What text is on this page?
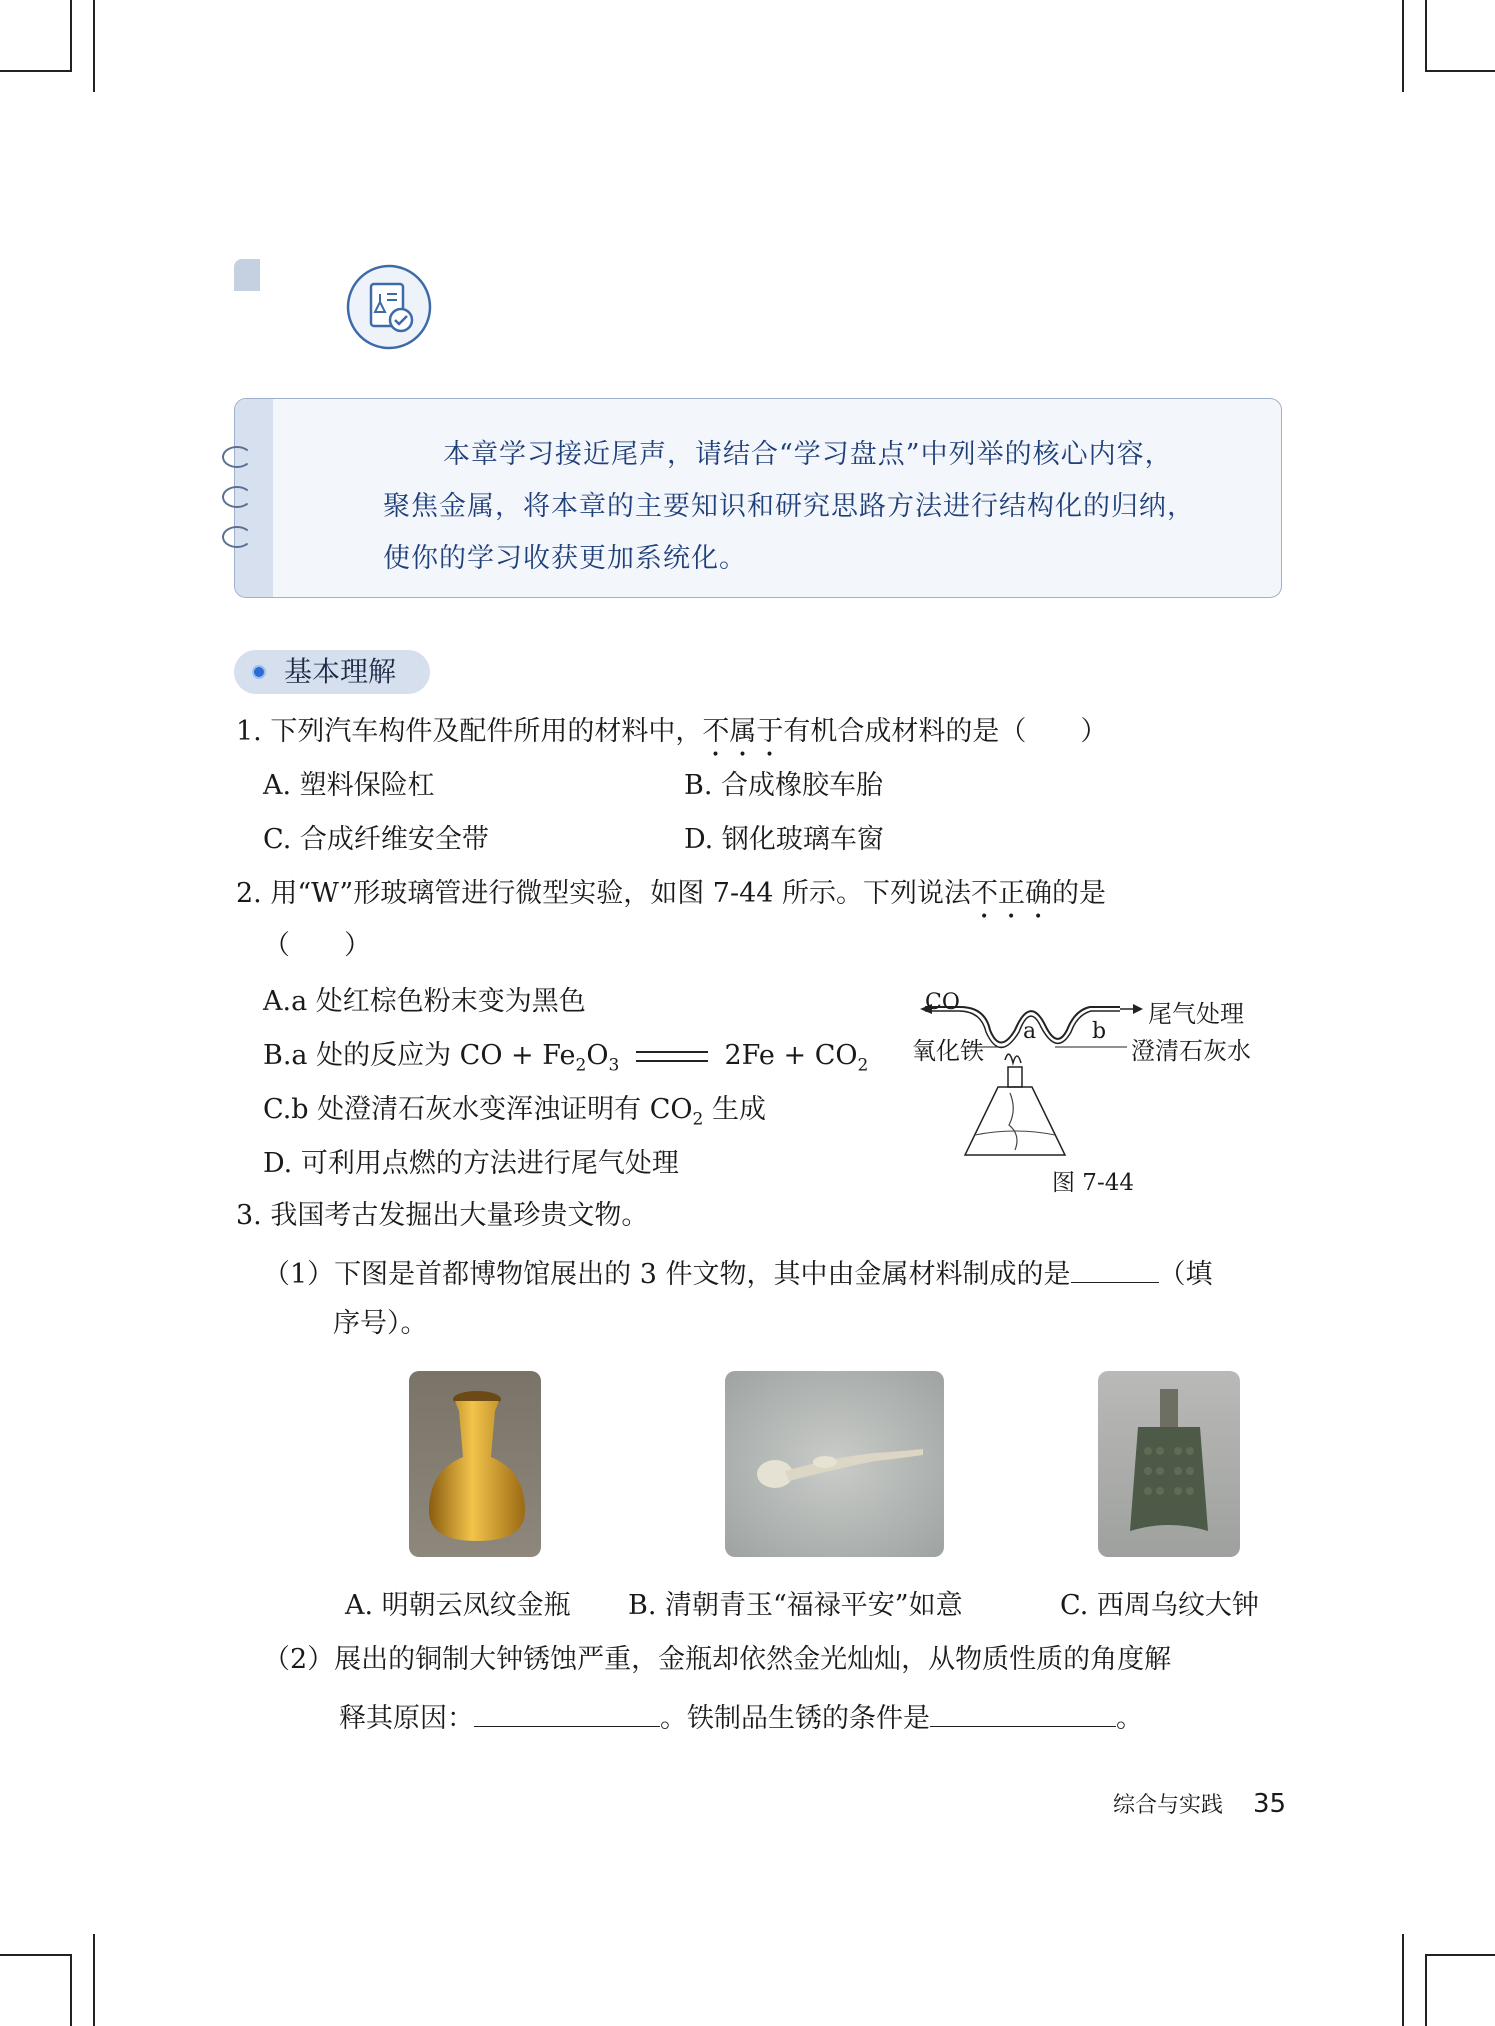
本章学习接近尾声，请结合“学习盘点”中列举的核心内容，
聚焦金属，将本章的主要知识和研究思路方法进行结构化的归纳，
使你的学习收获更加系统化。
基本理解
1. 下列汽车构件及配件所用的材料中，不属于有机合成材料的是（　　）
A. 塑料保险杠	B. 合成橡胶车胎
C. 合成纤维安全带	D. 钢化玻璃车窗
2. 用“W”形玻璃管进行微型实验，如图 7-44 所示。下列说法不正确的是
（　　）
A.a 处红棕色粉末变为黑色
B.a 处的反应为 CO + $Fe_2O_3$	$2Fe + CO_2$
C.b 处澄清石灰水变浑浊证明有 $CO_2$ 生成
D. 可利用点燃的方法进行尾气处理
CO
a	b
尾气处理
氧化铁	澄清石灰水
图 7-44
3. 我国考古发掘出大量珍贵文物。
（1）下图是首都博物馆展出的 3 件文物，其中由金属材料制成的是	（填
序号）。
A. 明朝云凤纹金瓶 B. 清朝青玉“福禄平安”如意	C. 西周乌纹大钟
（2）展出的铜制大钟锈蚀严重，金瓶却依然金光灿灿，从物质性质的角度解
释其原因：	。铁制品生锈的条件是	。
综合与实践 35
